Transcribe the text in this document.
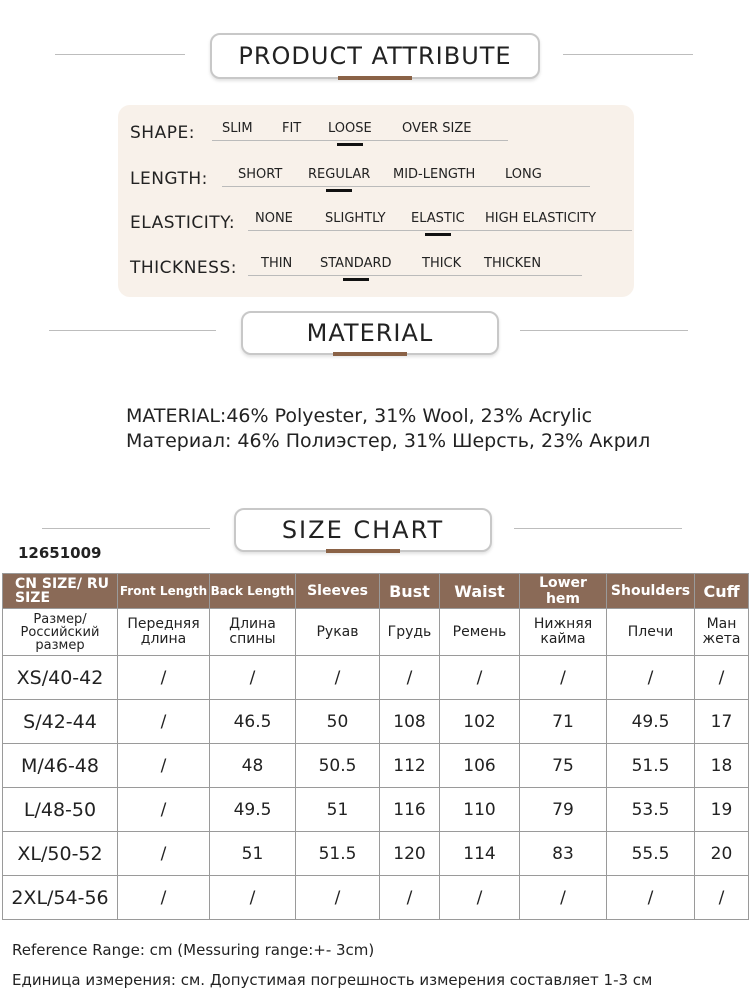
PRODUCT ATTRIBUTE
SHAPE: SLIM FIT LOOSE OVER SIZE
LENGTH: SHORT REGULAR MID-LENGTH LONG
ELASTICITY: NONE SLIGHTLY ELASTIC HIGH ELASTICITY
THICKNESS: THIN STANDARD THICK THICKEN
MATERIAL
MATERIAL:46% Polyester, 31% Wool, 23% Acrylic
Материал: 46% Полиэстер, 31% Шерсть, 23% Акрил
SIZE CHART
12651009
CN SIZE/ RU SIZE	Front Length	Back Length	Sleeves	Bust	Waist	Lower hem	Shoulders	Cuff
Размер/ Российский размер	Передняя длина	Длина спины	Рукав	Грудь	Ремень	Нижняя кайма	Плечи	Ман жета
XS/40-42	/	/	/	/	/	/	/	/
S/42-44	/	46.5	50	108	102	71	49.5	17
M/46-48	/	48	50.5	112	106	75	51.5	18
L/48-50	/	49.5	51	116	110	79	53.5	19
XL/50-52	/	51	51.5	120	114	83	55.5	20
2XL/54-56	/	/	/	/	/	/	/	/
Reference Range: cm (Messuring range:+- 3cm)
Единица измерения: см. Допустимая погрешность измерения составляет 1-3 см
